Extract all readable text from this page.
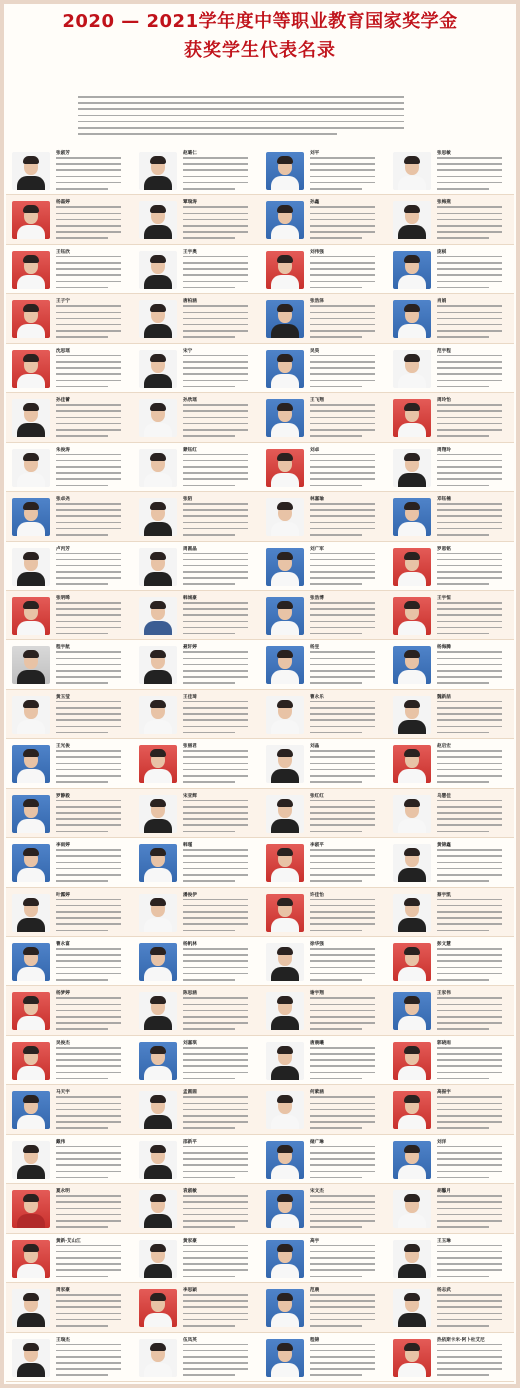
2020 — 2021学年度中等职业教育国家奖学金
获奖学生代表名录
张淑芳	赵璐仁	刘平	张思敏
杨磊婷	覃瑞涛	孙鑫	张梅燕
王钰欣	王宇奥	刘伟强	庞棋
王子宁	唐柏涵	张浩泽	肖娟
沈思瑶	宋宁	吴昊	范宇程
孙佳蕾	孙欣瑶	王飞翔	周玲怡
朱俊涛	蒙钰红	刘卓	周翔玲
张卓尧	张陌	林嘉瑜	邓钰楠
卢丙芳	周圆晶	刘广军	罗恩铭
张明晞	韩城豪	张浩博	王宇恒
程宇航	聂轩婷	杨昱	杨海腾
黄玉莹	王佳琦	曹永乐	魏新喆
王光俊	张丽君	刘晶	赵启宏
罗静毅	宋亚辉	张红红	乌慧佳
李雨婷	韩瑾	李淑平	黄锦鑫
叶露婷	潘俊伊	许佳怡	蔡宇凯
曹永富	杨帆林	徐华强	彭文慧
杨梦婷	陈思涵	谢宇翔	王家伟
吴俊杰	刘嘉琪	唐晨曦	郭晓雨
马天宇	孟圆圆	何紫涵	高振宇
戴伟	邵新平	储广琳	刘洋
夏永明	袁淑敏	宋文杰	胡馨月
黄新·艾山江	黄家豪	高宇	王玉琳
周家豪	李思颖	范晨	杨志武
王瑞杰	伍凤英	程锦	热依斯卡米·阿卜杜艾尼
